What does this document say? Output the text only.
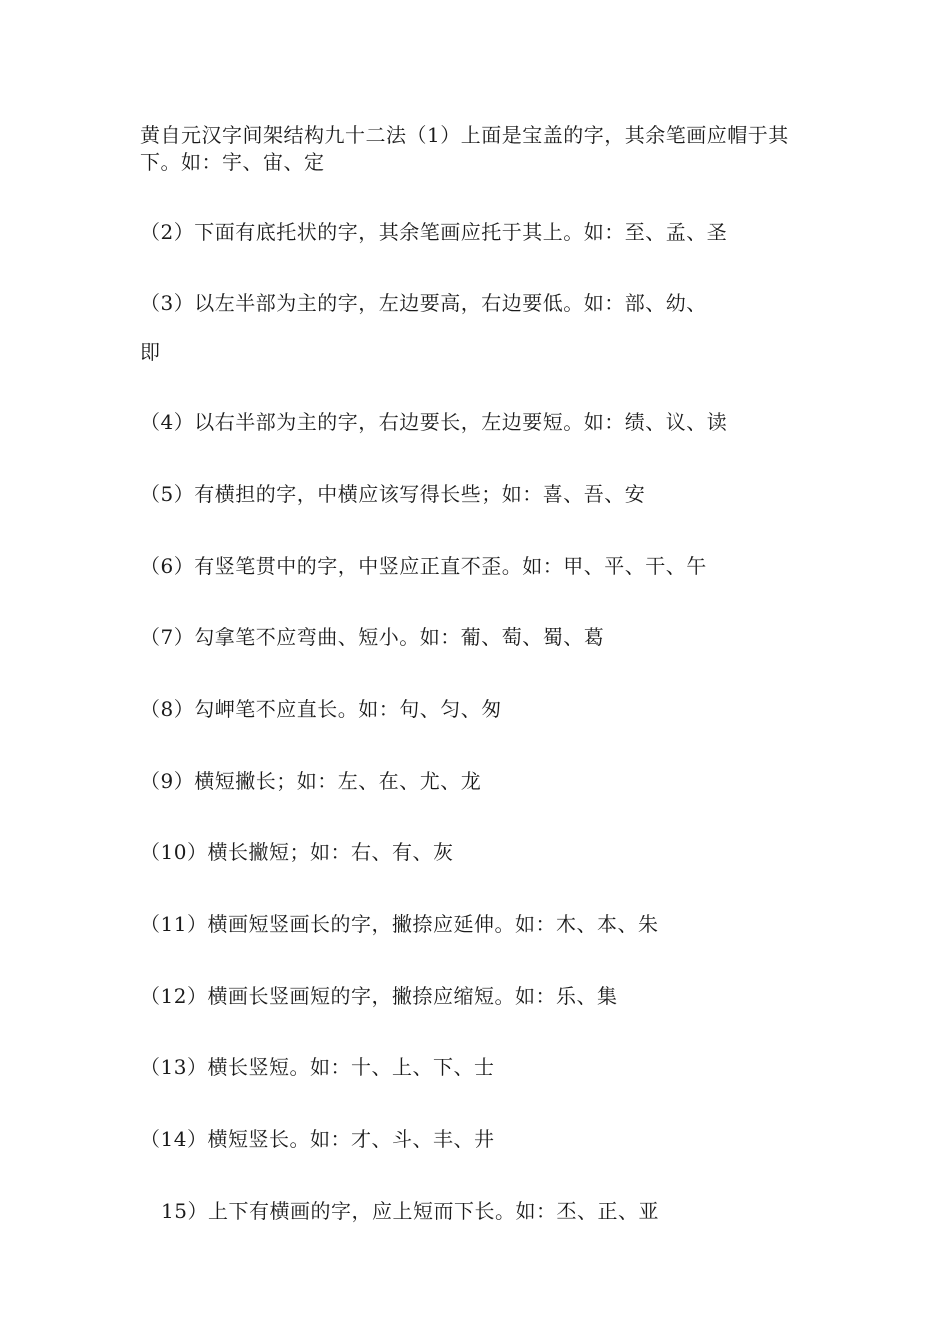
黄自元汉字间架结构九十二法（1）上面是宝盖的字，其余笔画应帽于其下。如：宇、宙、定
（2）下面有底托状的字，其余笔画应托于其上。如：至、孟、圣
（3）以左半部为主的字，左边要高，右边要低。如：部、幼、
即
（4）以右半部为主的字，右边要长，左边要短。如：绩、议、读
（5）有横担的字，中横应该写得长些；如：喜、吾、安
（6）有竖笔贯中的字，中竖应正直不歪。如：甲、平、干、午
（7）勾拿笔不应弯曲、短小。如：葡、萄、蜀、葛
（8）勾岬笔不应直长。如：句、匀、匆
（9）横短撇长；如：左、在、尤、龙
（10）横长撇短；如：右、有、灰
（11）横画短竖画长的字，撇捺应延伸。如：木、本、朱
（12）横画长竖画短的字，撇捺应缩短。如：乐、集
（13）横长竖短。如：十、上、下、士
（14）横短竖长。如：才、斗、丰、井
15）上下有横画的字，应上短而下长。如：丕、正、亚
